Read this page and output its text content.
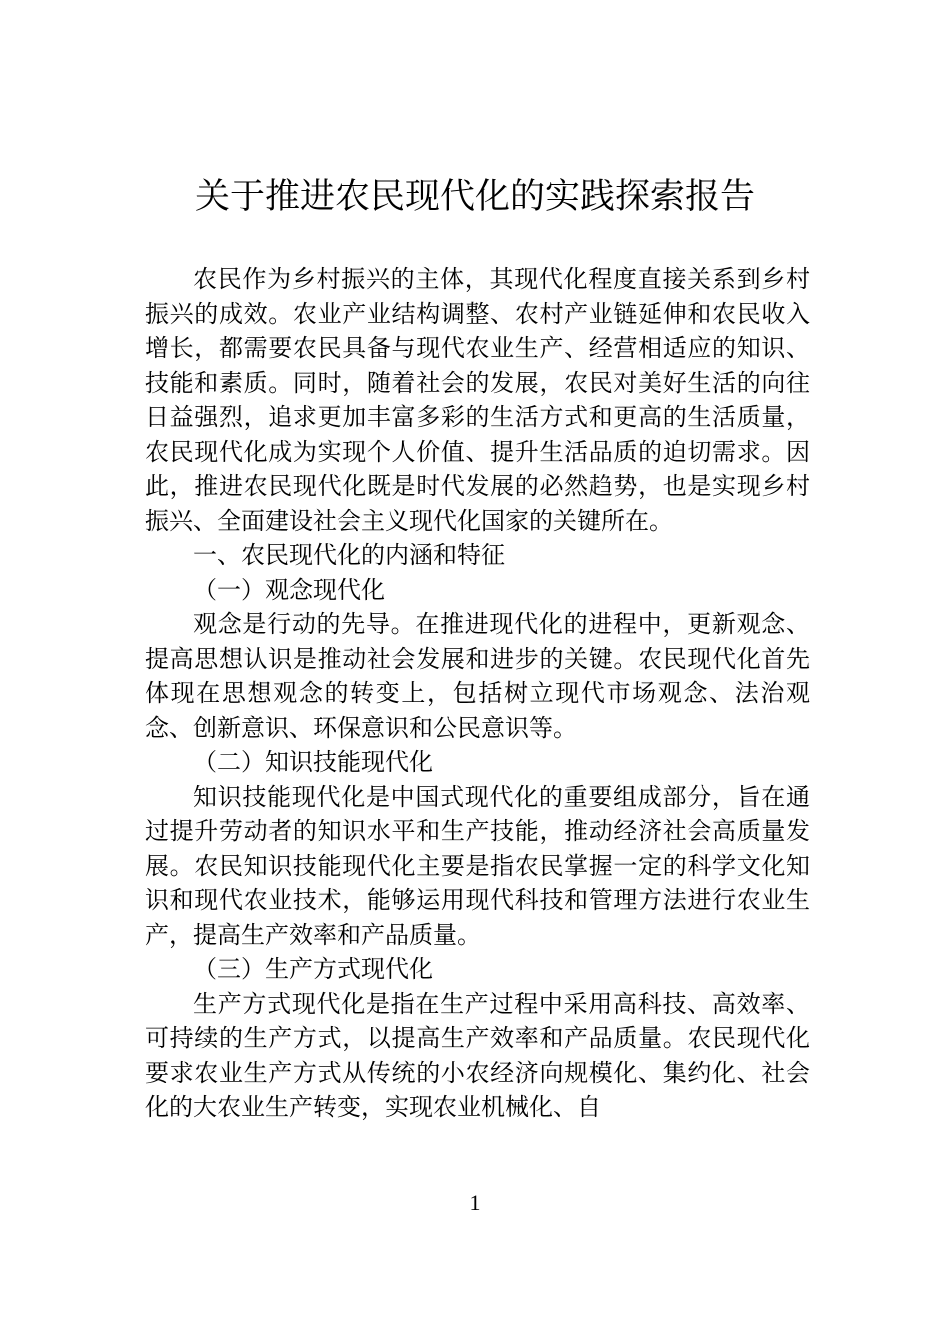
关于推进农民现代化的实践探索报告

农民作为乡村振兴的主体，其现代化程度直接关系到乡村振兴的成效。农业产业结构调整、农村产业链延伸和农民收入增长，都需要农民具备与现代农业生产、经营相适应的知识、技能和素质。同时，随着社会的发展，农民对美好生活的向往日益强烈，追求更加丰富多彩的生活方式和更高的生活质量，农民现代化成为实现个人价值、提升生活品质的迫切需求。因此，推进农民现代化既是时代发展的必然趋势，也是实现乡村振兴、全面建设社会主义现代化国家的关键所在。

一、农民现代化的内涵和特征

（一）观念现代化

观念是行动的先导。在推进现代化的进程中，更新观念、提高思想认识是推动社会发展和进步的关键。农民现代化首先体现在思想观念的转变上，包括树立现代市场观念、法治观念、创新意识、环保意识和公民意识等。

（二）知识技能现代化

知识技能现代化是中国式现代化的重要组成部分，旨在通过提升劳动者的知识水平和生产技能，推动经济社会高质量发展。农民知识技能现代化主要是指农民掌握一定的科学文化知识和现代农业技术，能够运用现代科技和管理方法进行农业生产，提高生产效率和产品质量。

（三）生产方式现代化

生产方式现代化是指在生产过程中采用高科技、高效率、可持续的生产方式，以提高生产效率和产品质量。农民现代化要求农业生产方式从传统的小农经济向规模化、集约化、社会化的大农业生产转变，实现农业机械化、自

1
